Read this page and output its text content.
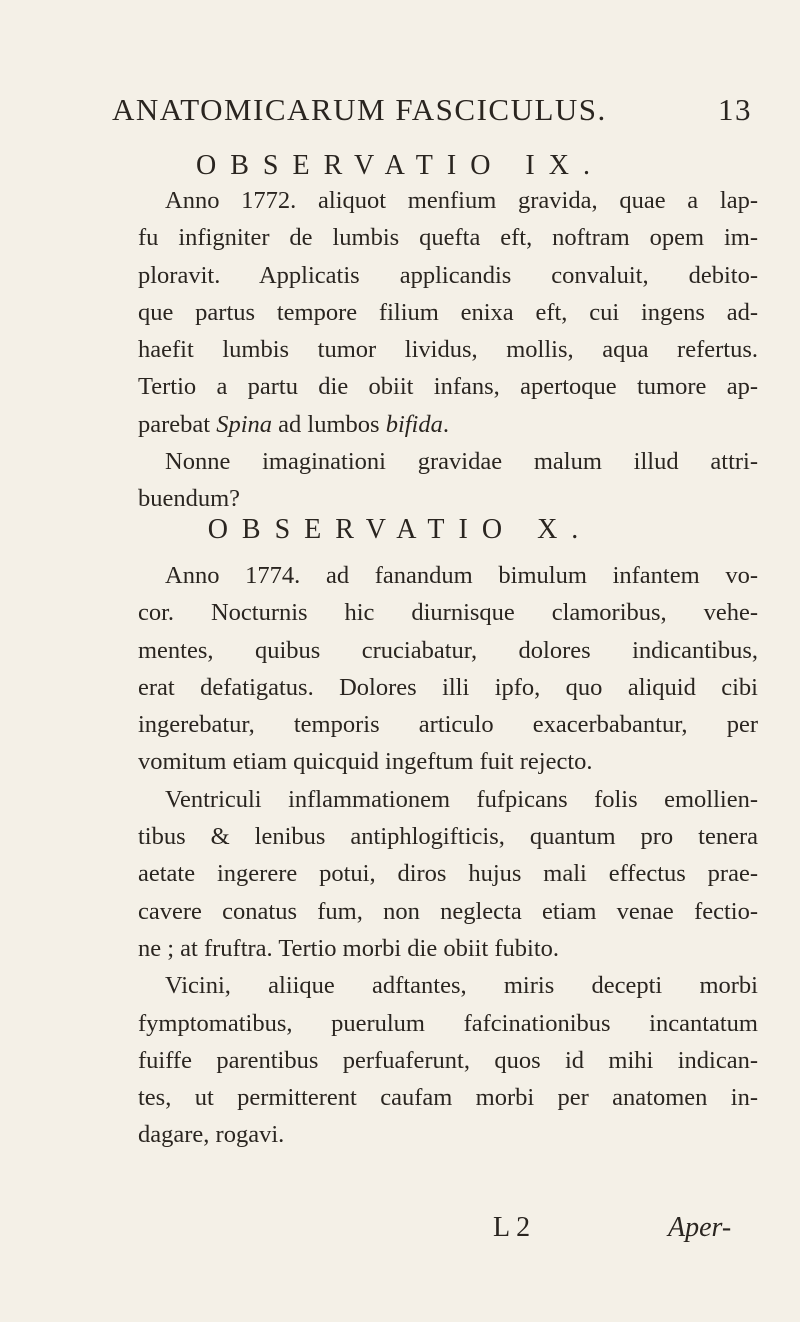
ANATOMICARUM FASCICULUS.	13
OBSERVATIO IX.
Anno 1772. aliquot menfium gravida, quae a lap-
fu infigniter de lumbis quefta eft, noftram opem im-
ploravit. Applicatis applicandis convaluit, debito-
que partus tempore filium enixa eft, cui ingens ad-
haefit lumbis tumor lividus, mollis, aqua refertus.
Tertio a partu die obiit infans, apertoque tumore ap-
parebat Spina ad lumbos bifida.
Nonne imaginationi gravidae malum illud attri-
buendum?
OBSERVATIO X.
Anno 1774. ad fanandum bimulum infantem vo-
cor. Nocturnis hic diurnisque clamoribus, vehe-
mentes, quibus cruciabatur, dolores indicantibus,
erat defatigatus. Dolores illi ipfo, quo aliquid cibi
ingerebatur, temporis articulo exacerbabantur, per
vomitum etiam quicquid ingeftum fuit rejecto.
Ventriculi inflammationem fufpicans folis emollien-
tibus & lenibus antiphlogifticis, quantum pro tenera
aetate ingerere potui, diros hujus mali effectus prae-
cavere conatus fum, non neglecta etiam venae fectio-
ne ; at fruftra. Tertio morbi die obiit fubito.
Vicini, aliique adftantes, miris decepti morbi
fymptomatibus, puerulum fafcinationibus incantatum
fuiffe parentibus perfuaferunt, quos id mihi indican-
tes, ut permitterent caufam morbi per anatomen in-
dagare, rogavi.
L 2	Aper-
